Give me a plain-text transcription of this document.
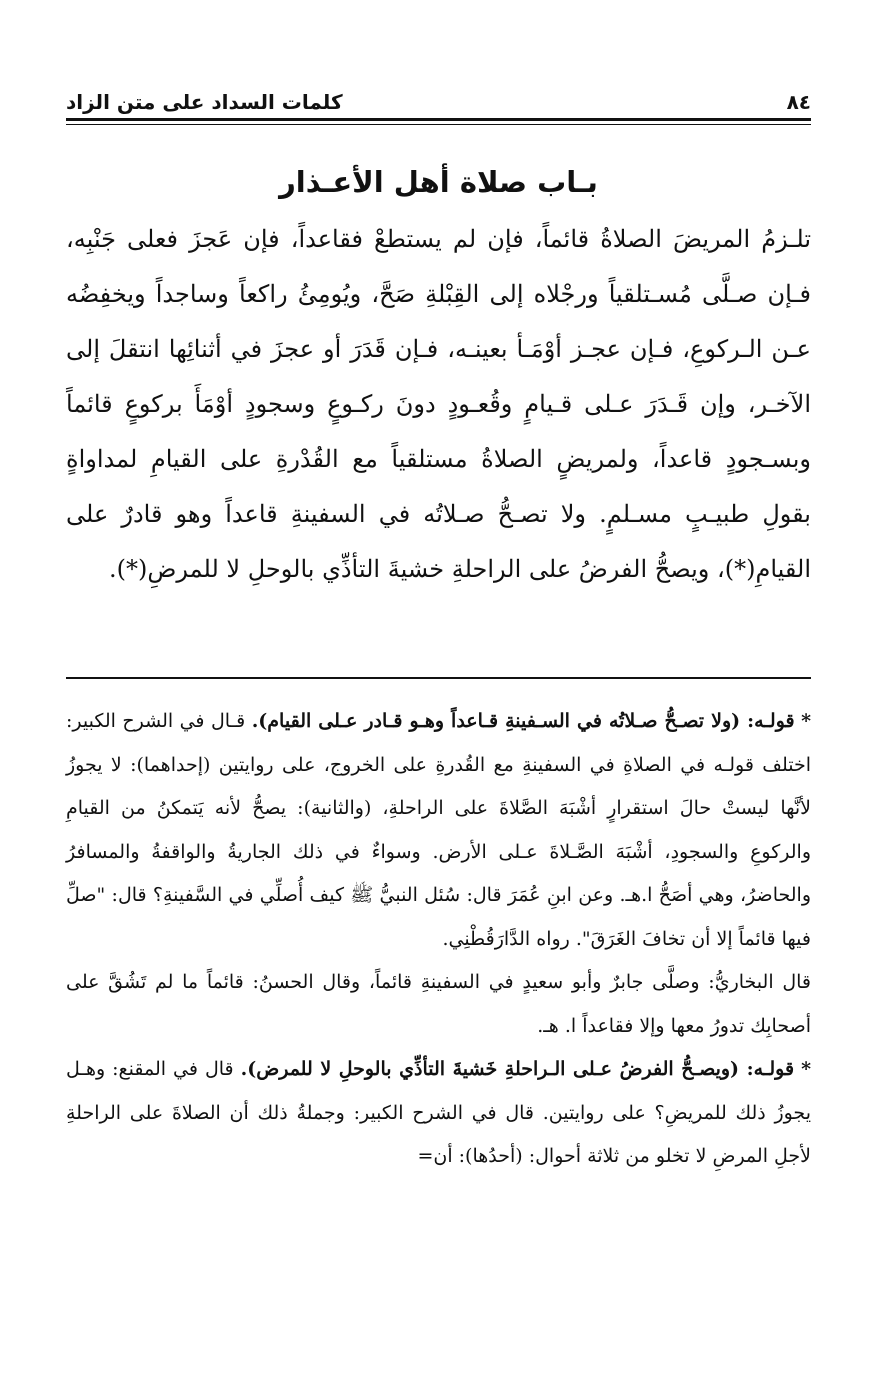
٨٤
كلمات السداد على متن الزاد
بـاب صلاة أهل الأعـذار
تلـزمُ المريضَ الصلاةُ قائماً، فإن لم يستطعْ فقاعداً، فإن عَجزَ فعلى جَنْبِه، فـإن صـلَّى مُسـتلقياً ورجْلاه إلى القِبْلةِ صَحَّ، ويُومِئُ راكعاً وساجداً ويخفِضُه عـن الـركوعِ، فـإن عجـز أوْمَـأ بعينـه، فـإن قَدَرَ أو عجزَ في أثنائِها انتقلَ إلى الآخـر، وإن قَـدَرَ عـلى قـيامٍ وقُعـودٍ دونَ ركـوعٍ وسجودٍ أوْمَأَ بركوعٍ قائماً وبسـجودٍ قاعداً، ولمريضٍ الصلاةُ مستلقياً مع القُدْرةِ على القيامِ لمداواةٍ بقولِ طبيـبٍ مسـلمٍ. ولا تصـحُّ صـلاتُه في السفينةِ قاعداً وهو قادرٌ على القيامِ(*)، ويصحُّ الفرضُ على الراحلةِ خشيةَ التأذِّي بالوحلِ لا للمرضِ(*).

* قولـه: (ولا تصـحُّ صـلاتُه في السـفينةِ قـاعداً وهـو قـادر عـلى القيام). قـال في الشرح الكبير: اختلف قولـه في الصلاةِ في السفينةِ مع القُدرةِ على الخروج، على روايتين (إحداهما): لا يجوزُ لأنَّها ليستْ حالَ استقرارٍ أشْبَهَ الصَّلاةَ على الراحلةِ، (والثانية): يصحُّ لأنه يَتمكنُ من القيامِ والركوعِ والسجودِ، أشْبَهَ الصَّـلاةَ عـلى الأرض. وسواءٌ في ذلك الجاريةُ والواقفةُ والمسافرُ والحاضرُ، وهي أصَحُّ ا.هـ. وعن ابنِ عُمَرَ قال: سُئل النبيُّ ﷺ كيف أُصلِّي في السَّفينةِ؟ قال: "صلِّ فيها قائماً إلا أن تخافَ الغَرَقَ". رواه الدَّارَقُطْنِي.

قال البخاريُّ: وصلَّى جابرٌ وأبو سعيدٍ في السفينةِ قائماً، وقال الحسنُ: قائماً ما لم تَشُقَّ على أصحابِك تدورُ معها وإلا فقاعداً ا. هـ.

* قولـه: (ويصـحُّ الفرضُ عـلى الـراحلةِ خَشيةَ التأذِّي بالوحلِ لا للمرض). قال في المقنع: وهـل يجوزُ ذلك للمريضِ؟ على روايتين. قال في الشرح الكبير: وجملةُ ذلك أن الصلاةَ على الراحلةِ لأجلِ المرضِ لا تخلو من ثلاثة أحوال: (أحدُها): أن=
